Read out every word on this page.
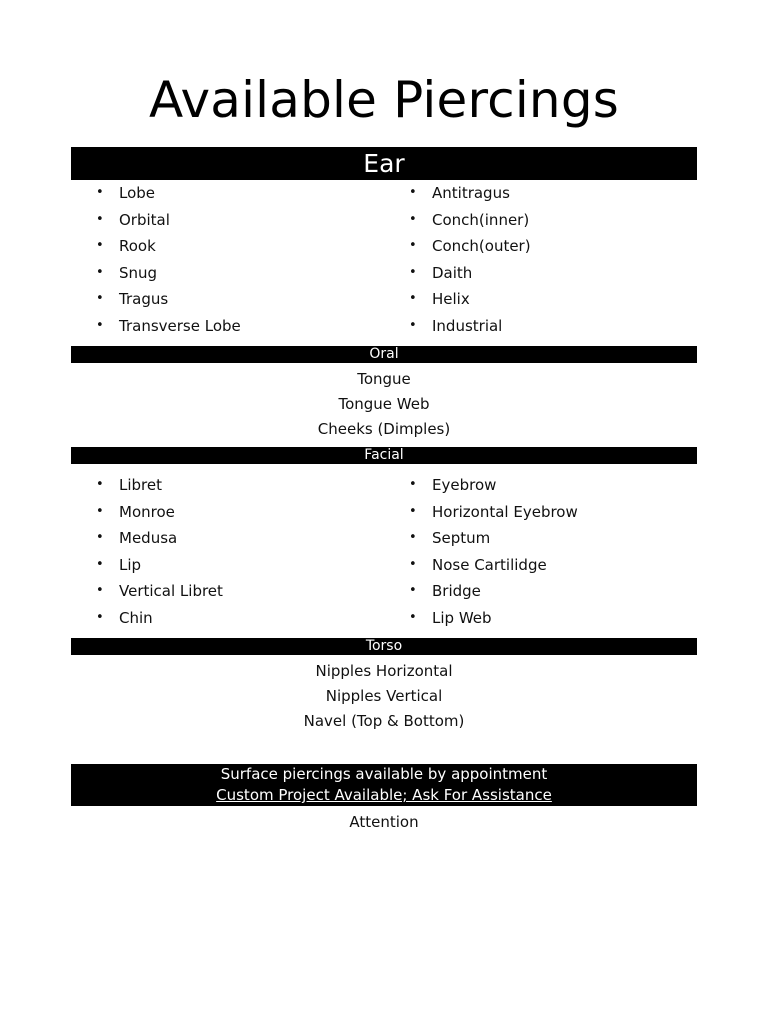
Available Piercings
Ear
• Lobe
• Orbital
• Rook
• Snug
• Tragus
• Transverse Lobe
• Antitragus
• Conch(inner)
• Conch(outer)
• Daith
• Helix
• Industrial
Oral
Tongue
Tongue Web
Cheeks (Dimples)
Facial
• Libret
• Monroe
• Medusa
• Lip
• Vertical Libret
• Chin
• Eyebrow
• Horizontal Eyebrow
• Septum
• Nose Cartilidge
• Bridge
• Lip Web
Torso
Nipples Horizontal
Nipples Vertical
Navel (Top & Bottom)
Surface piercings available by appointment
Custom Project Available; Ask For Assistance
Attention
